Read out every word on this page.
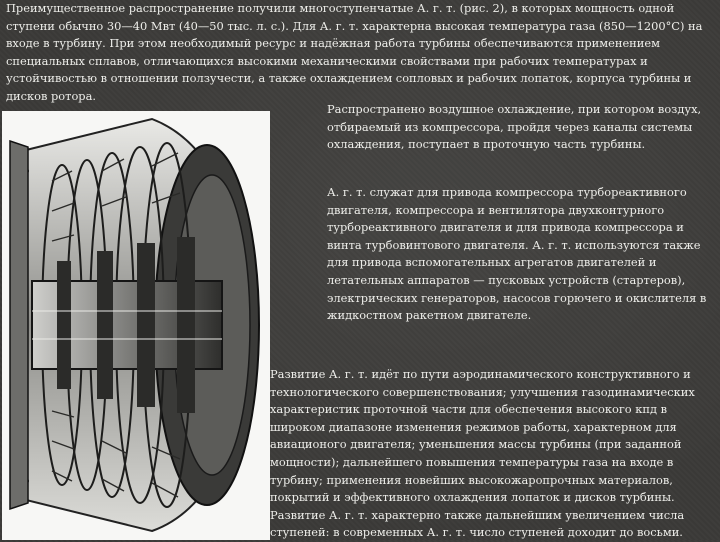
Преимущественное распространение получили многоступенчатые А. г. т. (рис. 2), в которых мощность одной ступени обычно 30—40 Мвт (40—50 тыс. л. с.). Для А. г. т. характерна высокая температура газа (850—1200°С) на входе в турбину. При этом необходимый ресурс и надёжная работа турбины обеспечиваются применением специальных сплавов, отличающихся высокими механическими свойствами при рабочих температурах и устойчивостью в отношении ползучести, а также охлаждением сопловых и рабочих лопаток, корпуса турбины и дисков ротора.

Распространено воздушное охлаждение, при котором воздух, отбираемый из компрессора, пройдя через каналы системы охлаждения, поступает в проточную часть турбины.

А. г. т. служат для привода компрессора турбореактивного двигателя, компрессора и вентилятора двухконтурного турбореактивного двигателя и для привода компрессора и винта турбовинтового двигателя. А. г. т. используются также для привода вспомогательных агрегатов двигателей и летательных аппаратов — пусковых устройств (стартеров), электрических генераторов, насосов горючего и окислителя в жидкостном ракетном двигателе.

Развитие А. г. т. идёт по пути аэродинамического конструктивного и технологического совершенствования; улучшения газодинамических характеристик проточной части для обеспечения высокого кпд в широком диапазоне изменения режимов работы, характерном для авиационого двигателя; уменьшения массы турбины (при заданной мощности); дальнейшего повышения температуры газа на входе в турбину; применения новейших высокожаропрочных материалов, покрытий и эффективного охлаждения лопаток и дисков турбины. Развитие А. г. т. характерно также дальнейшим увеличением числа ступеней: в современных А. г. т. число ступеней доходит до восьми.
